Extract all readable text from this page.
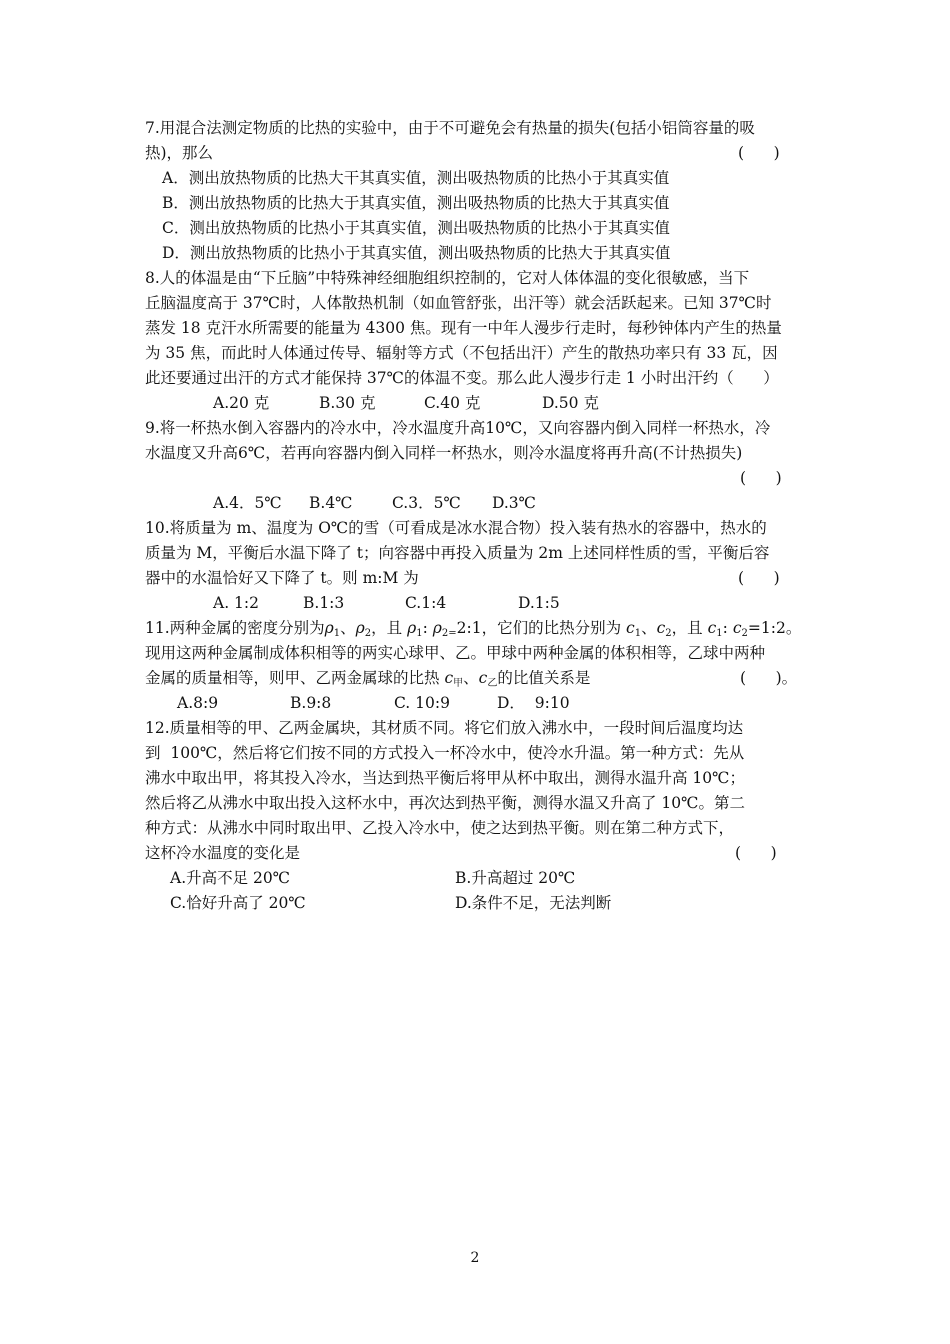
7.用混合法测定物质的比热的实验中，由于不可避免会有热量的损失(包括小铝筒容量的吸
热)，那么	(      )
A．测出放热物质的比热大干其真实值，测出吸热物质的比热小于其真实值
B．测出放热物质的比热大于其真实值，测出吸热物质的比热大于其真实值
C．测出放热物质的比热小于其真实值，测出吸热物质的比热小于其真实值
D．测出放热物质的比热小于其真实值，测出吸热物质的比热大于其真实值
8.人的体温是由“下丘脑”中特殊神经细胞组织控制的，它对人体体温的变化很敏感，当下
丘脑温度高于 37℃时，人体散热机制（如血管舒张，出汗等）就会活跃起来。已知 37℃时
蒸发 18 克汗水所需要的能量为 4300 焦。现有一中年人漫步行走时，每秒钟体内产生的热量
为 35 焦，而此时人体通过传导、辐射等方式（不包括出汗）产生的散热功率只有 33 瓦，因
此还要通过出汗的方式才能保持 37℃的体温不变。那么此人漫步行走 1 小时出汗约（      ）
A.20 克	B.30 克	C.40 克	D.50 克
9.将一杯热水倒入容器内的冷水中，冷水温度升高10℃，又向容器内倒入同样一杯热水，冷
水温度又升高6℃，若再向容器内倒入同样一杯热水，则冷水温度将再升高(不计热损失)
(      )
A.4．5℃ B.4℃	C.3．5℃ D.3℃
10.将质量为 m、温度为 O℃的雪（可看成是冰水混合物）投入装有热水的容器中，热水的
质量为 M，平衡后水温下降了 t；向容器中再投入质量为 2m 上述同样性质的雪，平衡后容
器中的水温恰好又下降了 t。则 m:M 为	(      )
A. 1:2	B.1:3	C.1:4	D.1:5
11.两种金属的密度分别为$\rho_1$、$\rho_2$，且 $\rho_1$: $\rho_{2=}2:1$，它们的比热分别为 $c_1$、$c_2$，且 $c_1$: $c_2=1:2$。
现用这两种金属制成体积相等的两实心球甲、乙。甲球中两种金属的体积相等，乙球中两种
金属的质量相等，则甲、乙两金属球的比热 $c_甲$、$c_乙$的比值关系是	(      )。
A.8:9	B.9:8	C. 10:9	D．  9:10
12.质量相等的甲、乙两金属块，其材质不同。将它们放入沸水中，一段时间后温度均达
到  100℃，然后将它们按不同的方式投入一杯冷水中，使冷水升温。第一种方式：先从
沸水中取出甲，将其投入冷水，当达到热平衡后将甲从杯中取出，测得水温升高 10℃；
然后将乙从沸水中取出投入这杯水中，再次达到热平衡，测得水温又升高了 10℃。第二
种方式：从沸水中同时取出甲、乙投入冷水中，使之达到热平衡。则在第二种方式下，
这杯冷水温度的变化是	(      )
A.升高不足 20℃	B.升高超过 20℃
C.恰好升高了 20℃	D.条件不足，无法判断
2
